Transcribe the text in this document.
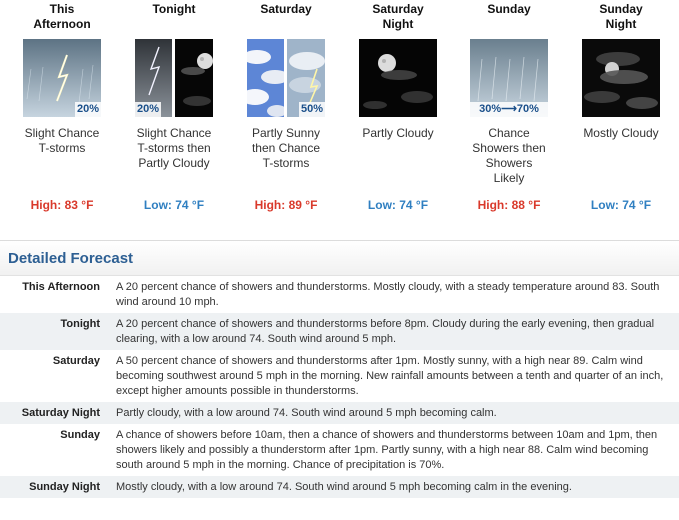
This
Afternoon
20%
Slight Chance
T-storms
High: 83 °F
Tonight
20%
Slight Chance
T-storms then
Partly Cloudy
Low: 74 °F
Saturday
50%
Partly Sunny
then Chance
T-storms
High: 89 °F
Saturday
Night
Partly Cloudy
Low: 74 °F
Sunday
30%⟶70%
Chance
Showers then
Showers
Likely
High: 88 °F
Sunday
Night
Mostly Cloudy
Low: 74 °F
Detailed Forecast
This Afternoon A 20 percent chance of showers and thunderstorms. Mostly cloudy, with a steady temperature around 83. South wind around 10 mph.
Tonight A 20 percent chance of showers and thunderstorms before 8pm. Cloudy during the early evening, then gradual clearing, with a low around 74. South wind around 5 mph.
Saturday A 50 percent chance of showers and thunderstorms after 1pm. Mostly sunny, with a high near 89. Calm wind becoming southwest around 5 mph in the morning. New rainfall amounts between a tenth and quarter of an inch, except higher amounts possible in thunderstorms.
Saturday Night Partly cloudy, with a low around 74. South wind around 5 mph becoming calm.
Sunday A chance of showers before 10am, then a chance of showers and thunderstorms between 10am and 1pm, then showers likely and possibly a thunderstorm after 1pm. Partly sunny, with a high near 88. Calm wind becoming south around 5 mph in the morning. Chance of precipitation is 70%.
Sunday Night Mostly cloudy, with a low around 74. South wind around 5 mph becoming calm in the evening.
